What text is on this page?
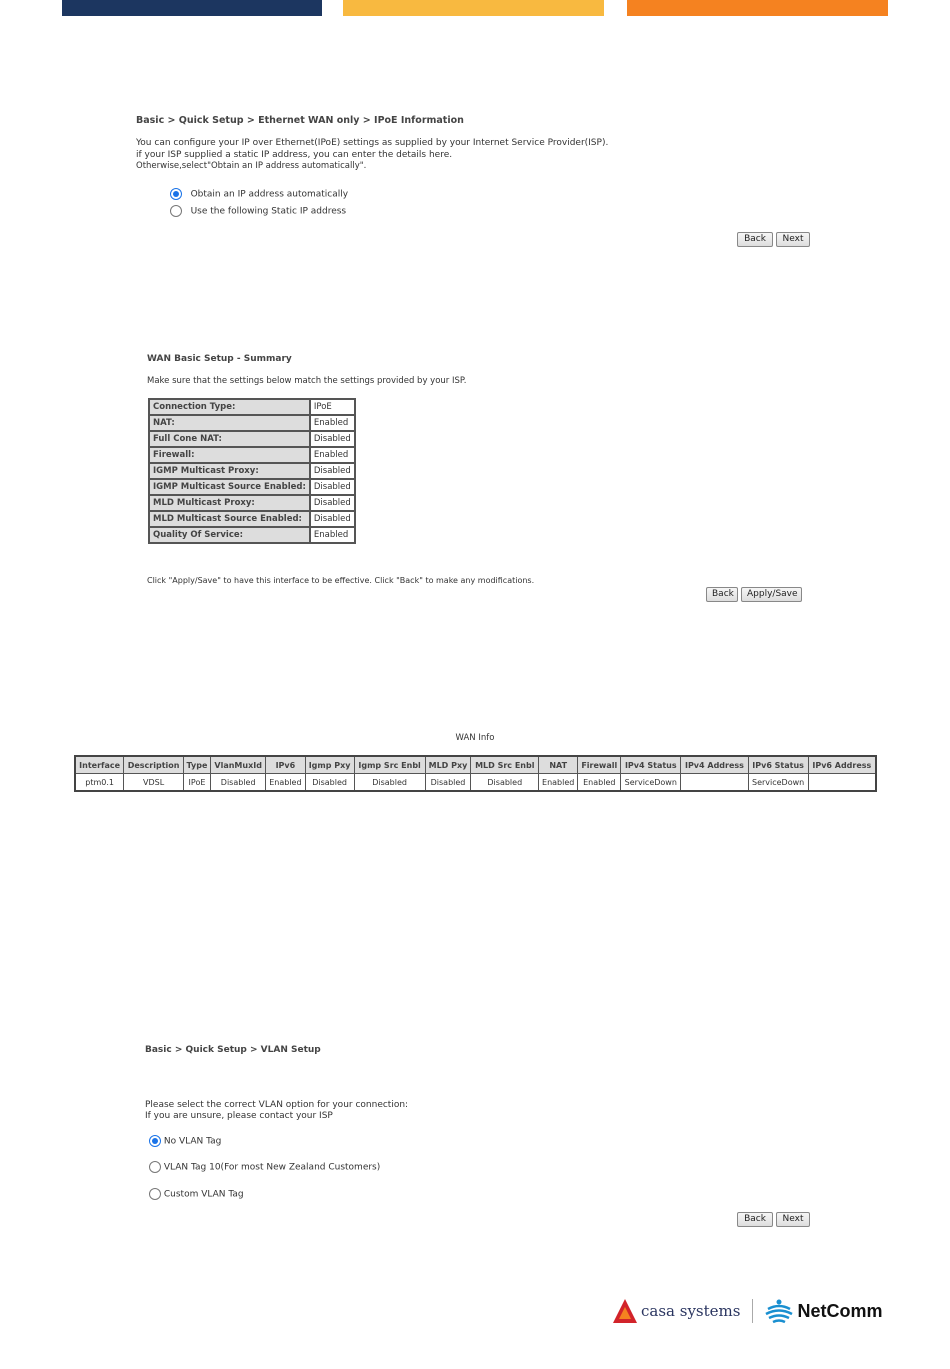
Basic > Quick Setup > Ethernet WAN only > IPoE Information
You can configure your IP over Ethernet(IPoE) settings as supplied by your Internet Service Provider(ISP).
if your ISP supplied a static IP address, you can enter the details here.
Otherwise,select"Obtain an IP address automatically".
Obtain an IP address automatically
Use the following Static IP address
Back	Next
WAN Basic Setup - Summary
Make sure that the settings below match the settings provided by your ISP.
Connection Type:	IPoE
NAT:	Enabled
Full Cone NAT:	Disabled
Firewall:	Enabled
IGMP Multicast Proxy:	Disabled
IGMP Multicast Source Enabled:	Disabled
MLD Multicast Proxy:	Disabled
MLD Multicast Source Enabled:	Disabled
Quality Of Service:	Enabled
Click "Apply/Save" to have this interface to be effective. Click "Back" to make any modifications.
Back	Apply/Save
WAN Info
Interface	Description	Type	VlanMuxId	IPv6	Igmp Pxy	Igmp Src Enbl	MLD Pxy	MLD Src Enbl	NAT	Firewall	IPv4 Status	IPv4 Address	IPv6 Status	IPv6 Address
ptm0.1	VDSL	IPoE	Disabled	Enabled	Disabled	Disabled	Disabled	Disabled	Enabled	Enabled	ServiceDown		ServiceDown	
Basic > Quick Setup > VLAN Setup
Please select the correct VLAN option for your connection:
If you are unsure, please contact your ISP
No VLAN Tag
VLAN Tag 10(For most New Zealand Customers)
Custom VLAN Tag
Back	Next
casa systems	NetComm
